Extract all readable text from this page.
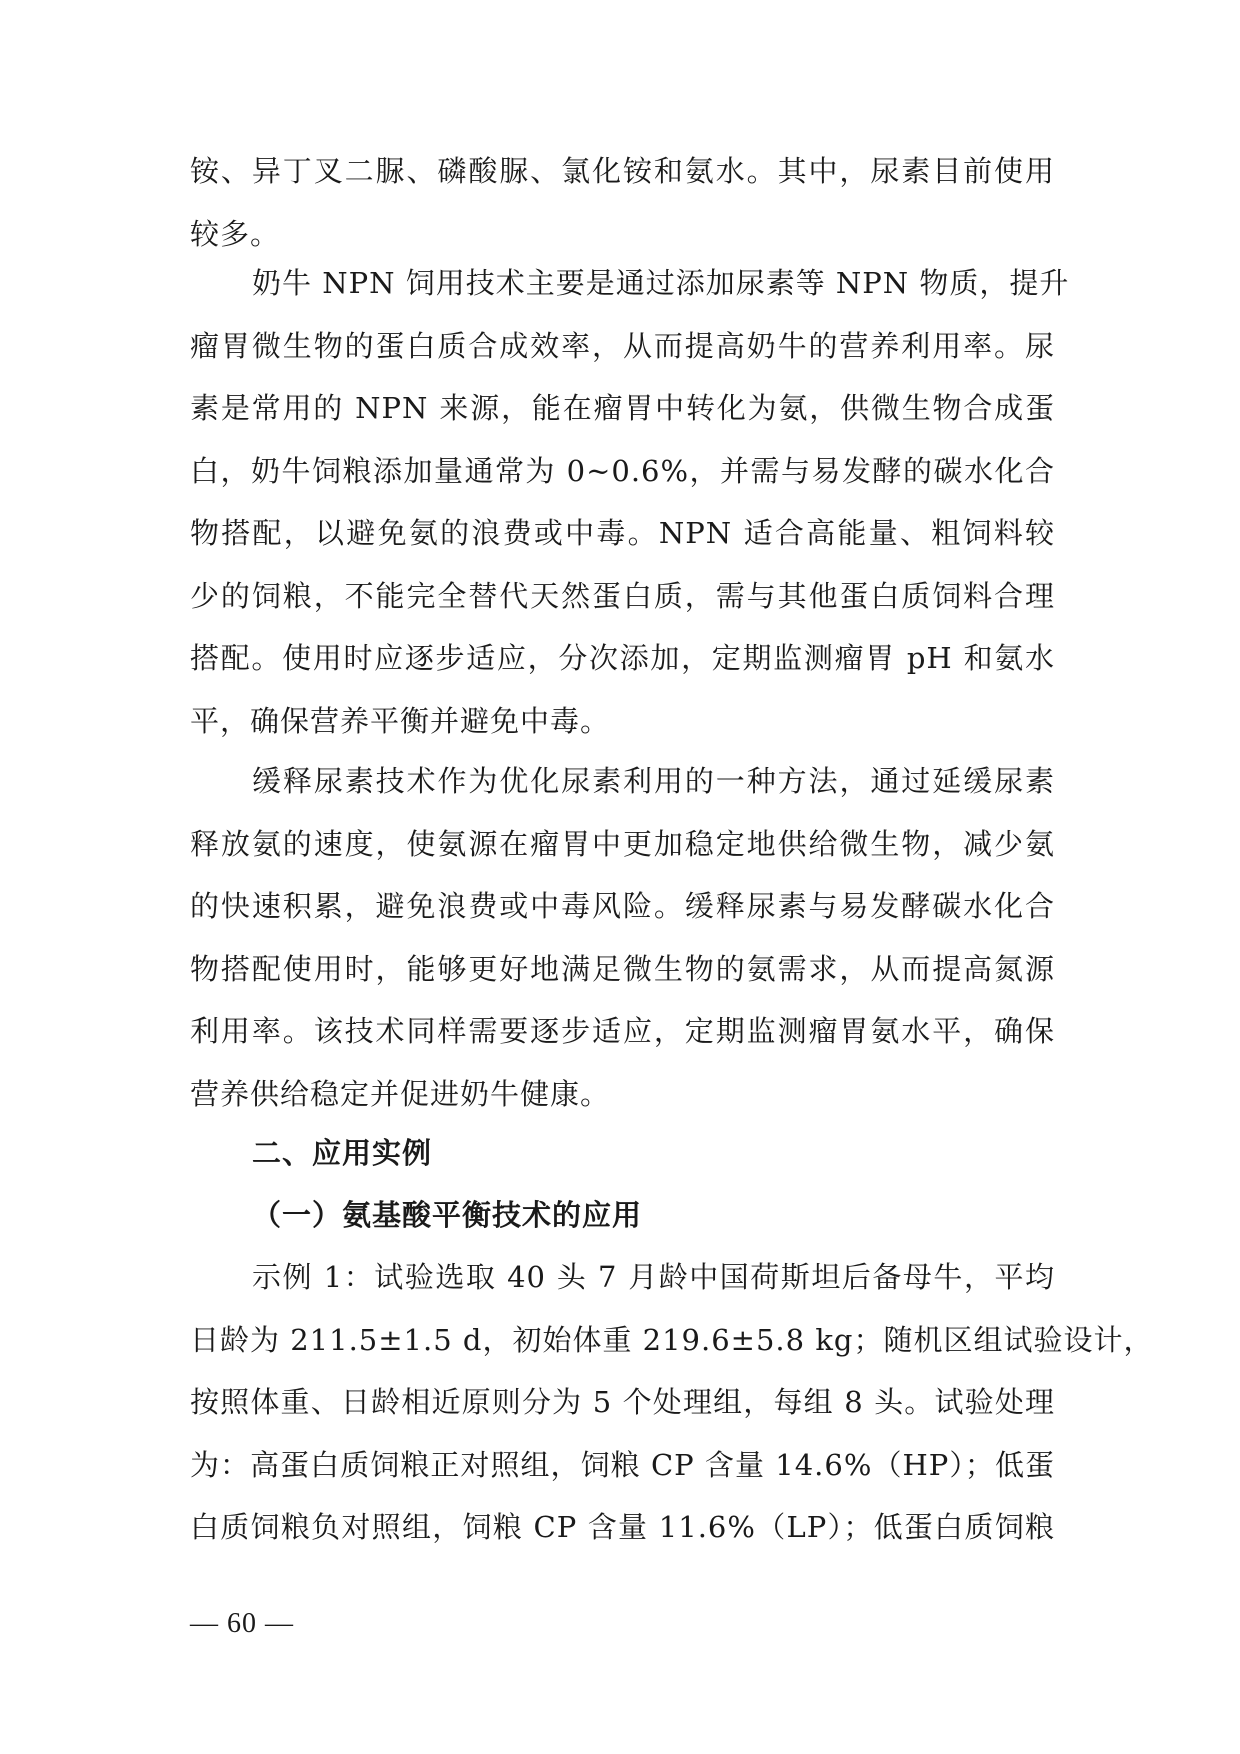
铵、异丁叉二脲、磷酸脲、氯化铵和氨水。其中，尿素目前使用
较多。
奶牛 NPN 饲用技术主要是通过添加尿素等 NPN 物质，提升
瘤胃微生物的蛋白质合成效率，从而提高奶牛的营养利用率。尿
素是常用的 NPN 来源，能在瘤胃中转化为氨，供微生物合成蛋
白，奶牛饲粮添加量通常为 0~0.6%，并需与易发酵的碳水化合
物搭配，以避免氨的浪费或中毒。NPN 适合高能量、粗饲料较
少的饲粮，不能完全替代天然蛋白质，需与其他蛋白质饲料合理
搭配。使用时应逐步适应，分次添加，定期监测瘤胃 pH 和氨水
平，确保营养平衡并避免中毒。
缓释尿素技术作为优化尿素利用的一种方法，通过延缓尿素
释放氨的速度，使氨源在瘤胃中更加稳定地供给微生物，减少氨
的快速积累，避免浪费或中毒风险。缓释尿素与易发酵碳水化合
物搭配使用时，能够更好地满足微生物的氨需求，从而提高氮源
利用率。该技术同样需要逐步适应，定期监测瘤胃氨水平，确保
营养供给稳定并促进奶牛健康。
二、应用实例
（一）氨基酸平衡技术的应用
示例 1：试验选取 40 头 7 月龄中国荷斯坦后备母牛，平均
日龄为 211.5±1.5 d，初始体重 219.6±5.8 kg；随机区组试验设计，
按照体重、日龄相近原则分为 5 个处理组，每组 8 头。试验处理
为：高蛋白质饲粮正对照组，饲粮 CP 含量 14.6%（HP）；低蛋
白质饲粮负对照组，饲粮 CP 含量 11.6%（LP）；低蛋白质饲粮
— 60 —
